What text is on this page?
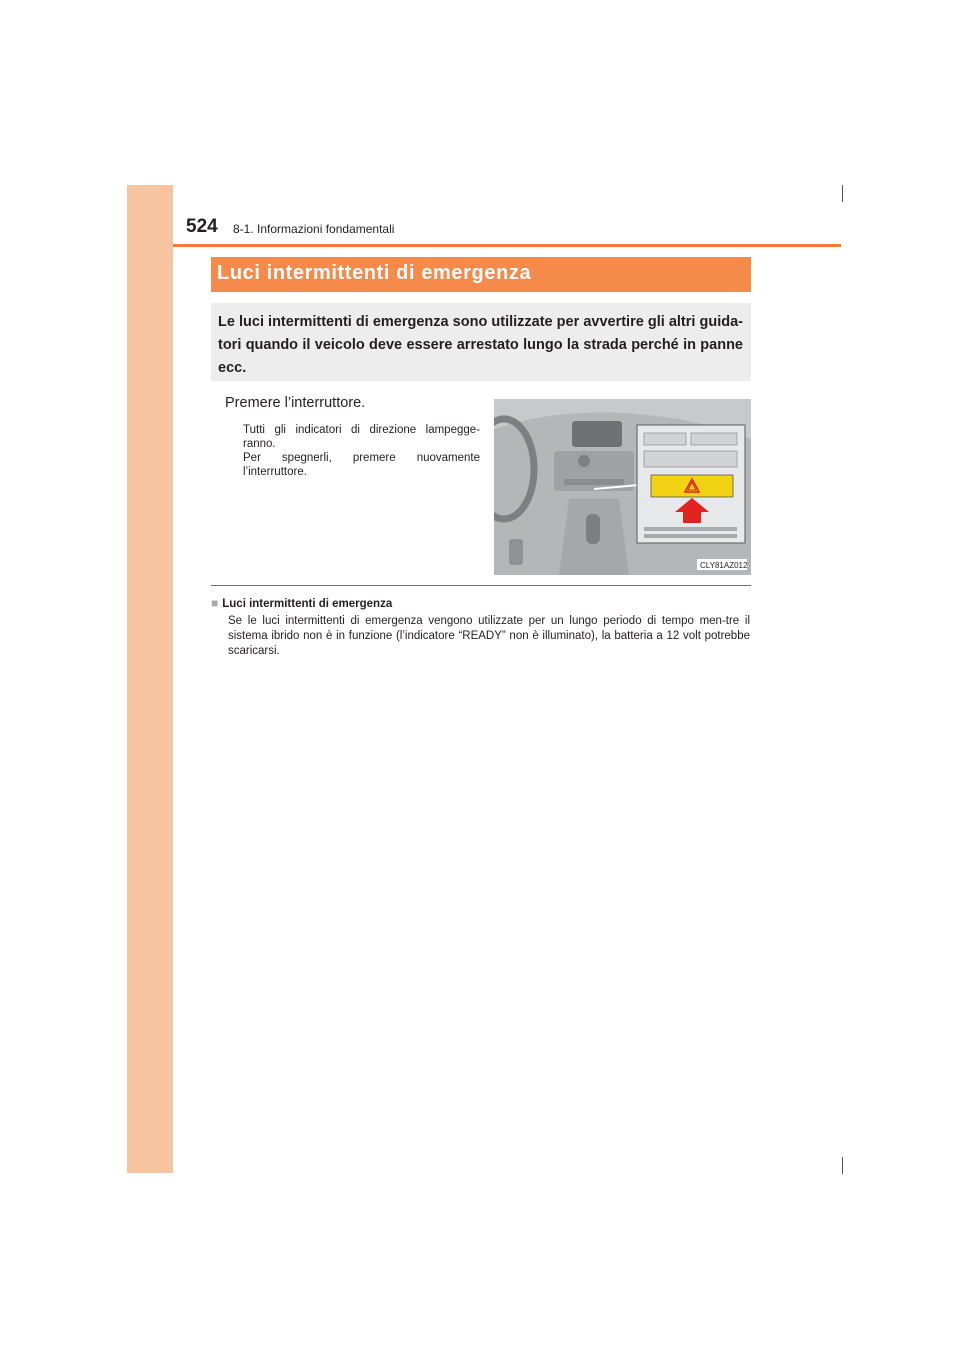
524 8-1. Informazioni fondamentali
Luci intermittenti di emergenza
Le luci intermittenti di emergenza sono utilizzate per avvertire gli altri guida-tori quando il veicolo deve essere arrestato lungo la strada perché in panne ecc.
Premere l’interruttore.
Tutti gli indicatori di direzione lampegge-ranno.
Per spegnerli, premere nuovamente l’interruttore.
CLY81AZ012
■ Luci intermittenti di emergenza
Se le luci intermittenti di emergenza vengono utilizzate per un lungo periodo di tempo men-tre il sistema ibrido non è in funzione (l’indicatore “READY” non è illuminato), la batteria a 12 volt potrebbe scaricarsi.
